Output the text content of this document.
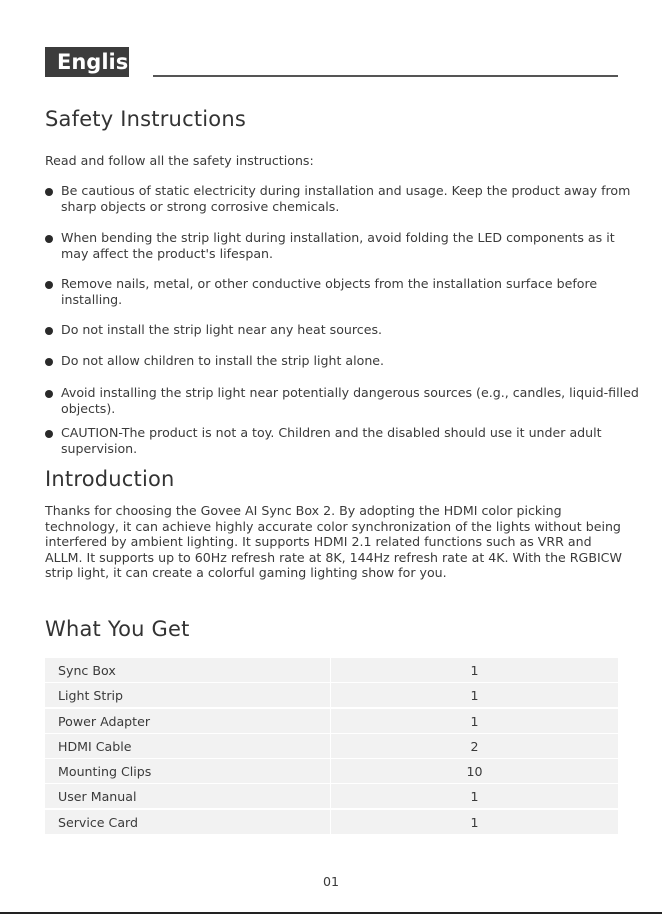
English
Safety Instructions

Read and follow all the safety instructions:

Be cautious of static electricity during installation and usage. Keep the product away from sharp objects or strong corrosive chemicals.
When bending the strip light during installation, avoid folding the LED components as it may affect the product's lifespan.
Remove nails, metal, or other conductive objects from the installation surface before installing.
Do not install the strip light near any heat sources.
Do not allow children to install the strip light alone.
Avoid installing the strip light near potentially dangerous sources (e.g., candles, liquid-filled objects).
CAUTION-The product is not a toy. Children and the disabled should use it under adult supervision.
Introduction

Thanks for choosing the Govee AI Sync Box 2. By adopting the HDMI color picking technology, it can achieve highly accurate color synchronization of the lights without being interfered by ambient lighting. It supports HDMI 2.1 related functions such as VRR and ALLM. It supports up to 60Hz refresh rate at 8K, 144Hz refresh rate at 4K. With the RGBICW strip light, it can create a colorful gaming lighting show for you.

What You Get
Sync Box	1
Light Strip	1
Power Adapter	1
HDMI Cable	2
Mounting Clips	10
User Manual	1
Service Card	1
01
